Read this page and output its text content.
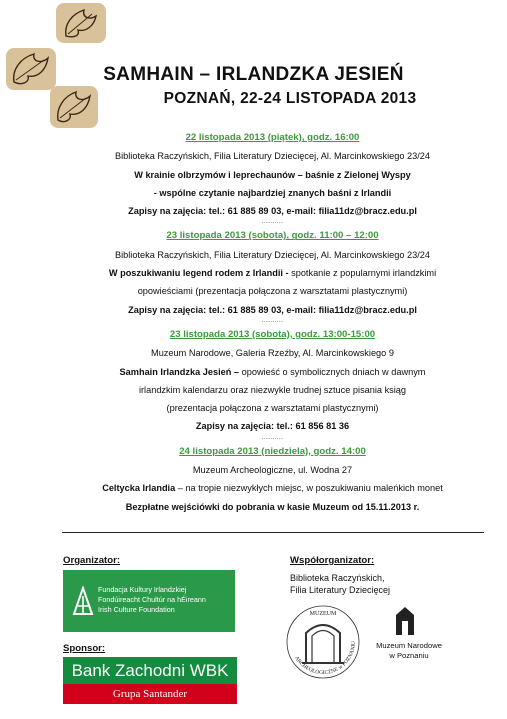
SAMHAIN – IRLANDZKA JESIEŃ
POZNAŃ, 22-24 LISTOPADA 2013
22 listopada 2013 (piątek), godz. 16:00
Biblioteka Raczyńskich, Filia Literatury Dziecięcej, Al. Marcinkowskiego 23/24
W krainie olbrzymów i leprechaunów – baśnie z Zielonej Wyspy
- wspólne czytanie najbardziej znanych baśni z Irlandii
Zapisy na zajęcia: tel.: 61 885 89 03, e-mail: filia11dz@bracz.edu.pl
..........
23 listopada 2013 (sobota), godz. 11:00 – 12:00
Biblioteka Raczyńskich, Filia Literatury Dziecięcej, Al. Marcinkowskiego 23/24
W poszukiwaniu legend rodem z Irlandii - spotkanie z popularnymi irlandzkimi
opowieściami (prezentacja połączona z warsztatami plastycznymi)
Zapisy na zajęcia: tel.: 61 885 89 03, e-mail: filia11dz@bracz.edu.pl
..........
23 listopada 2013 (sobota), godz. 13:00-15:00
Muzeum Narodowe, Galeria Rzeźby, Al. Marcinkowskiego 9
Samhain Irlandzka Jesień – opowieść o symbolicznych dniach w dawnym
irlandzkim kalendarzu oraz niezwykle trudnej sztuce pisania ksiąg
(prezentacja połączona z warsztatami plastycznymi)
Zapisy na zajęcia: tel.: 61 856 81 36
..........
24 listopada 2013 (niedziela), godz. 14:00
Muzeum Archeologiczne, ul. Wodna 27
Celtycka Irlandia – na tropie niezwykłych miejsc, w poszukiwaniu maleńkich monet
Bezpłatne wejściówki do pobrania w kasie Muzeum od 15.11.2013 r.
Organizator:
Fundacja Kultury Irlandzkiej
Fondúireacht Chultúr na hÉireann
Irish Culture Foundation
Sponsor:
Bank Zachodni WBK
Grupa Santander
Współorganizator:
Biblioteka Raczyńskich,
Filia Literatury Dziecięcej
MUZEUM
ARCHEOLOGICZNE w POZNANIU	Muzeum Narodowe
w Poznaniu
